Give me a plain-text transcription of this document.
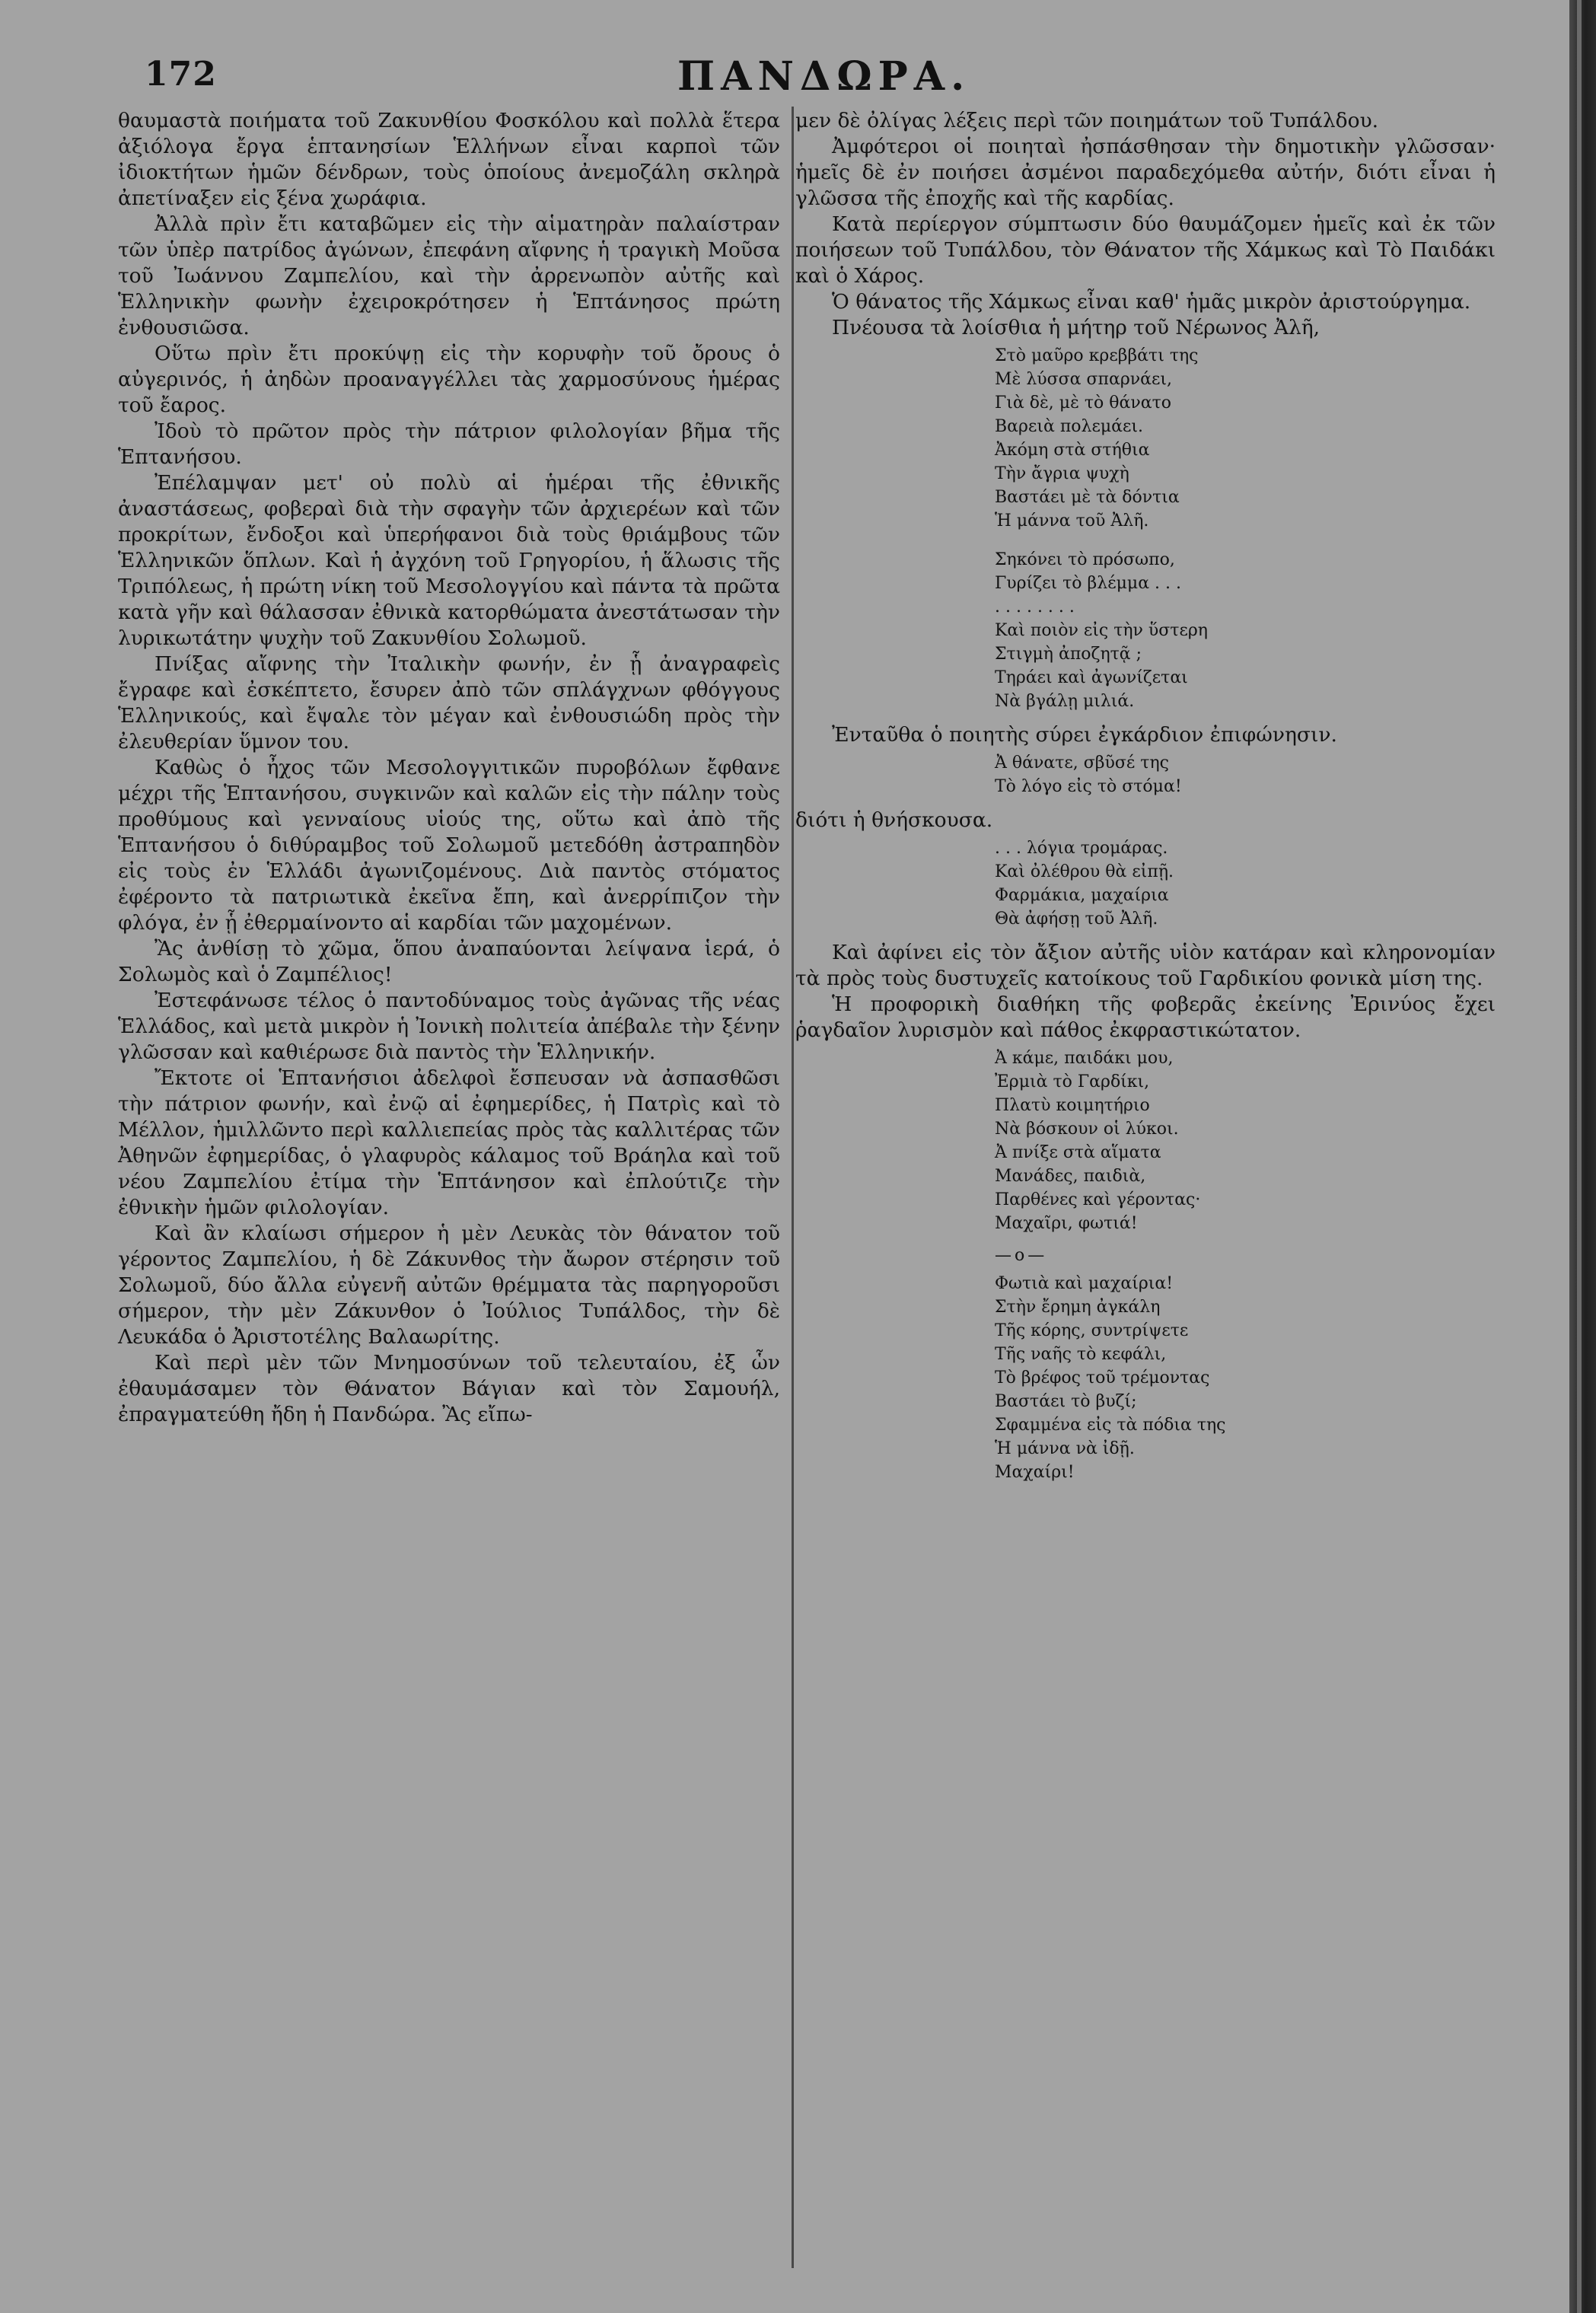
172	ΠΑΝΔΩΡΑ.

θαυμαστὰ ποιήματα τοῦ Ζακυνθίου Φοσκόλου καὶ πολλὰ ἕτερα ἀξιόλογα ἔργα ἑπτανησίων Ἑλλήνων εἶναι καρποὶ τῶν ἰδιοκτήτων ἡμῶν δένδρων, τοὺς ὁποίους ἀνεμοζάλη σκληρὰ ἀπετίναξεν εἰς ξένα χωράφια.

Ἀλλὰ πρὶν ἔτι καταβῶμεν εἰς τὴν αἱματηρὰν παλαίστραν τῶν ὑπὲρ πατρίδος ἀγώνων, ἐπεφάνη αἴφνης ἡ τραγικὴ Μοῦσα τοῦ Ἰωάννου Ζαμπελίου, καὶ τὴν ἀρρενωπὸν αὐτῆς καὶ Ἑλληνικὴν φωνὴν ἐχειροκρότησεν ἡ Ἑπτάνησος πρώτη ἐνθουσιῶσα.

Οὕτω πρὶν ἔτι προκύψῃ εἰς τὴν κορυφὴν τοῦ ὄρους ὁ αὐγερινός, ἡ ἀηδὼν προαναγγέλλει τὰς χαρμοσύνους ἡμέρας τοῦ ἔαρος.

Ἰδοὺ τὸ πρῶτον πρὸς τὴν πάτριον φιλολογίαν βῆμα τῆς Ἑπτανήσου.

Ἐπέλαμψαν μετ' οὐ πολὺ αἱ ἡμέραι τῆς ἐθνικῆς ἀναστάσεως, φοβεραὶ διὰ τὴν σφαγὴν τῶν ἀρχιερέων καὶ τῶν προκρίτων, ἔνδοξοι καὶ ὑπερήφανοι διὰ τοὺς θριάμβους τῶν Ἑλληνικῶν ὅπλων. Καὶ ἡ ἀγχόνη τοῦ Γρηγορίου, ἡ ἅλωσις τῆς Τριπόλεως, ἡ πρώτη νίκη τοῦ Μεσολογγίου καὶ πάντα τὰ πρῶτα κατὰ γῆν καὶ θάλασσαν ἐθνικὰ κατορθώματα ἀνεστάτωσαν τὴν λυρικωτάτην ψυχὴν τοῦ Ζακυνθίου Σολωμοῦ.

Πνίξας αἴφνης τὴν Ἰταλικὴν φωνήν, ἐν ᾗ ἀναγραφεὶς ἔγραφε καὶ ἐσκέπτετο, ἔσυρεν ἀπὸ τῶν σπλάγχνων φθόγγους Ἑλληνικούς, καὶ ἔψαλε τὸν μέγαν καὶ ἐνθουσιώδη πρὸς τὴν ἐλευθερίαν ὕμνον του.

Καθὼς ὁ ἦχος τῶν Μεσολογγιτικῶν πυροβόλων ἔφθανε μέχρι τῆς Ἑπτανήσου, συγκινῶν καὶ καλῶν εἰς τὴν πάλην τοὺς προθύμους καὶ γενναίους υἱούς της, οὕτω καὶ ἀπὸ τῆς Ἑπτανήσου ὁ διθύραμβος τοῦ Σολωμοῦ μετεδόθη ἀστραπηδὸν εἰς τοὺς ἐν Ἑλλάδι ἀγωνιζομένους. Διὰ παντὸς στόματος ἐφέροντο τὰ πατριωτικὰ ἐκεῖνα ἔπη, καὶ ἀνερρίπιζον τὴν φλόγα, ἐν ᾗ ἐθερμαίνοντο αἱ καρδίαι τῶν μαχομένων.

Ἂς ἀνθίσῃ τὸ χῶμα, ὅπου ἀναπαύονται λείψανα ἱερά, ὁ Σολωμὸς καὶ ὁ Ζαμπέλιος!

Ἐστεφάνωσε τέλος ὁ παντοδύναμος τοὺς ἀγῶνας τῆς νέας Ἑλλάδος, καὶ μετὰ μικρὸν ἡ Ἰονικὴ πολιτεία ἀπέβαλε τὴν ξένην γλῶσσαν καὶ καθιέρωσε διὰ παντὸς τὴν Ἑλληνικήν.

Ἔκτοτε οἱ Ἑπτανήσιοι ἀδελφοὶ ἔσπευσαν νὰ ἀσπασθῶσι τὴν πάτριον φωνήν, καὶ ἐνῷ αἱ ἐφημερίδες, ἡ Πατρὶς καὶ τὸ Μέλλον, ἡμιλλῶντο περὶ καλλιεπείας πρὸς τὰς καλλιτέρας τῶν Ἀθηνῶν ἐφημερίδας, ὁ γλαφυρὸς κάλαμος τοῦ Βράηλα καὶ τοῦ νέου Ζαμπελίου ἐτίμα τὴν Ἑπτάνησον καὶ ἐπλούτιζε τὴν ἐθνικὴν ἡμῶν φιλολογίαν.

Καὶ ἂν κλαίωσι σήμερον ἡ μὲν Λευκὰς τὸν θάνατον τοῦ γέροντος Ζαμπελίου, ἡ δὲ Ζάκυνθος τὴν ἄωρον στέρησιν τοῦ Σολωμοῦ, δύο ἄλλα εὐγενῆ αὐτῶν θρέμματα τὰς παρηγοροῦσι σήμερον, τὴν μὲν Ζάκυνθον ὁ Ἰούλιος Τυπάλδος, τὴν δὲ Λευκάδα ὁ Ἀριστοτέλης Βαλαωρίτης.

Καὶ περὶ μὲν τῶν Μνημοσύνων τοῦ τελευταίου, ἐξ ὧν ἐθαυμάσαμεν τὸν Θάνατον Βάγιαν καὶ τὸν Σαμουήλ, ἐπραγματεύθη ἤδη ἡ Πανδώρα. Ἂς εἴπω-

μεν δὲ ὀλίγας λέξεις περὶ τῶν ποιημάτων τοῦ Τυπάλδου.

Ἀμφότεροι οἱ ποιηταὶ ἠσπάσθησαν τὴν δημοτικὴν γλῶσσαν· ἡμεῖς δὲ ἐν ποιήσει ἀσμένοι παραδεχόμεθα αὐτήν, διότι εἶναι ἡ γλῶσσα τῆς ἐποχῆς καὶ τῆς καρδίας.

Κατὰ περίεργον σύμπτωσιν δύο θαυμάζομεν ἡμεῖς καὶ ἐκ τῶν ποιήσεων τοῦ Τυπάλδου, τὸν Θάνατον τῆς Χάμκως καὶ Τὸ Παιδάκι καὶ ὁ Χάρος.

Ὁ θάνατος τῆς Χάμκως εἶναι καθ' ἡμᾶς μικρὸν ἀριστούργημα.

Πνέουσα τὰ λοίσθια ἡ μήτηρ τοῦ Νέρωνος Ἀλῆ,

Στὸ μαῦρο κρεββάτι της
Μὲ λύσσα σπαρνάει,
Γιὰ δὲ, μὲ τὸ θάνατο
Βαρειὰ πολεμάει.
Ἀκόμη στὰ στήθια
Τὴν ἄγρια ψυχὴ
Βαστάει μὲ τὰ δόντια
Ἡ μάννα τοῦ Ἀλῆ.
Σηκόνει τὸ πρόσωπο,
Γυρίζει τὸ βλέμμα . . .
. . . . . . . .
Καὶ ποιὸν εἰς τὴν ὕστερη
Στιγμὴ ἀποζητᾷ ;
Τηράει καὶ ἀγωνίζεται
Νὰ βγάλῃ μιλιά.

Ἐνταῦθα ὁ ποιητὴς σύρει ἐγκάρδιον ἐπιφώνησιν.

Ἀ θάνατε, σβῦσέ της
Τὸ λόγο εἰς τὸ στόμα!

διότι ἡ θνήσκουσα.

. . . λόγια τρομάρας.
Καὶ ὀλέθρου θὰ εἰπῇ.
Φαρμάκια, μαχαίρια
Θὰ ἀφήσῃ τοῦ Ἀλῆ.

Καὶ ἀφίνει εἰς τὸν ἄξιον αὐτῆς υἱὸν κατάραν καὶ κληρονομίαν τὰ πρὸς τοὺς δυστυχεῖς κατοίκους τοῦ Γαρδικίου φονικὰ μίση της.

Ἡ προφορικὴ διαθήκη τῆς φοβερᾶς ἐκείνης Ἐρινύος ἔχει ῥαγδαῖον λυρισμὸν καὶ πάθος ἐκφραστικώτατον.

Ἀ κάμε, παιδάκι μου,
Ἐρμιὰ τὸ Γαρδίκι,
Πλατὺ κοιμητήριο
Νὰ βόσκουν οἱ λύκοι.
Ἀ πνίξε στὰ αἵματα
Μανάδες, παιδιὰ,
Παρθένες καὶ γέροντας·
Μαχαῖρι, φωτιά!
—o—
Φωτιὰ καὶ μαχαίρια!
Στὴν ἔρημη ἀγκάλη
Τῆς κόρης, συντρίψετε
Τῆς ναῆς τὸ κεφάλι,
Τὸ βρέφος τοῦ τρέμοντας
Βαστάει τὸ βυζί;
Σφαμμένα εἰς τὰ πόδια της
Ἡ μάννα νὰ ἰδῇ.
Μαχαίρι!
